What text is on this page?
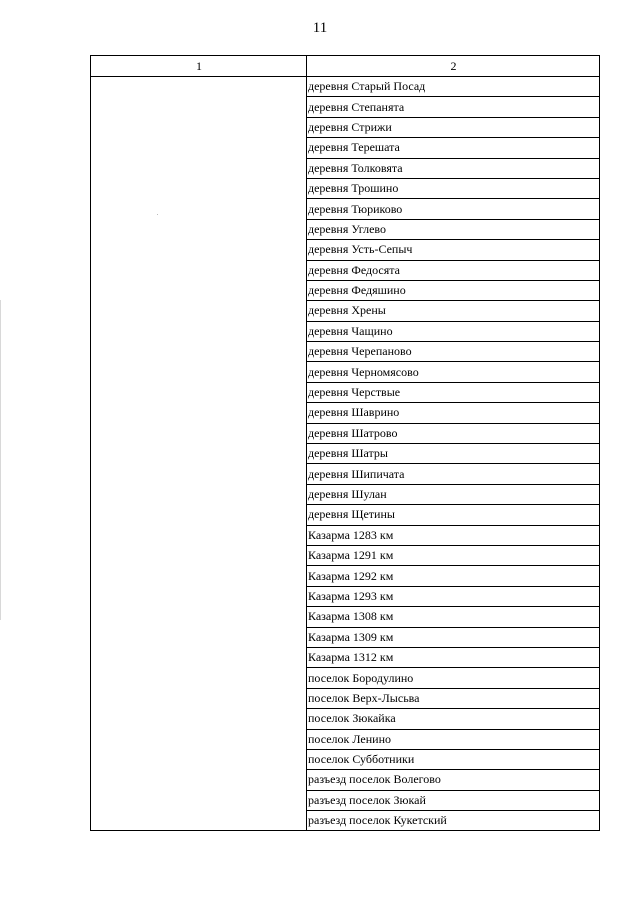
11
1	2
	деревня Старый Посад
	деревня Степанята
	деревня Стрижи
	деревня Терешата
	деревня Толковята
	деревня Трошино
	деревня Тюриково
	деревня Углево
	деревня Усть-Сепыч
	деревня Федосята
	деревня Федяшино
	деревня Хрены
	деревня Чащино
	деревня Черепаново
	деревня Черномясово
	деревня Черствые
	деревня Шаврино
	деревня Шатрово
	деревня Шатры
	деревня Шипичата
	деревня Шулан
	деревня Щетины
	Казарма 1283 км
	Казарма 1291 км
	Казарма 1292 км
	Казарма 1293 км
	Казарма 1308 км
	Казарма 1309 км
	Казарма 1312 км
	поселок Бородулино
	поселок Верх-Лысьва
	поселок Зюкайка
	поселок Ленино
	поселок Субботники
	разъезд поселок Волегово
	разъезд поселок Зюкай
	разъезд поселок Кукетский
